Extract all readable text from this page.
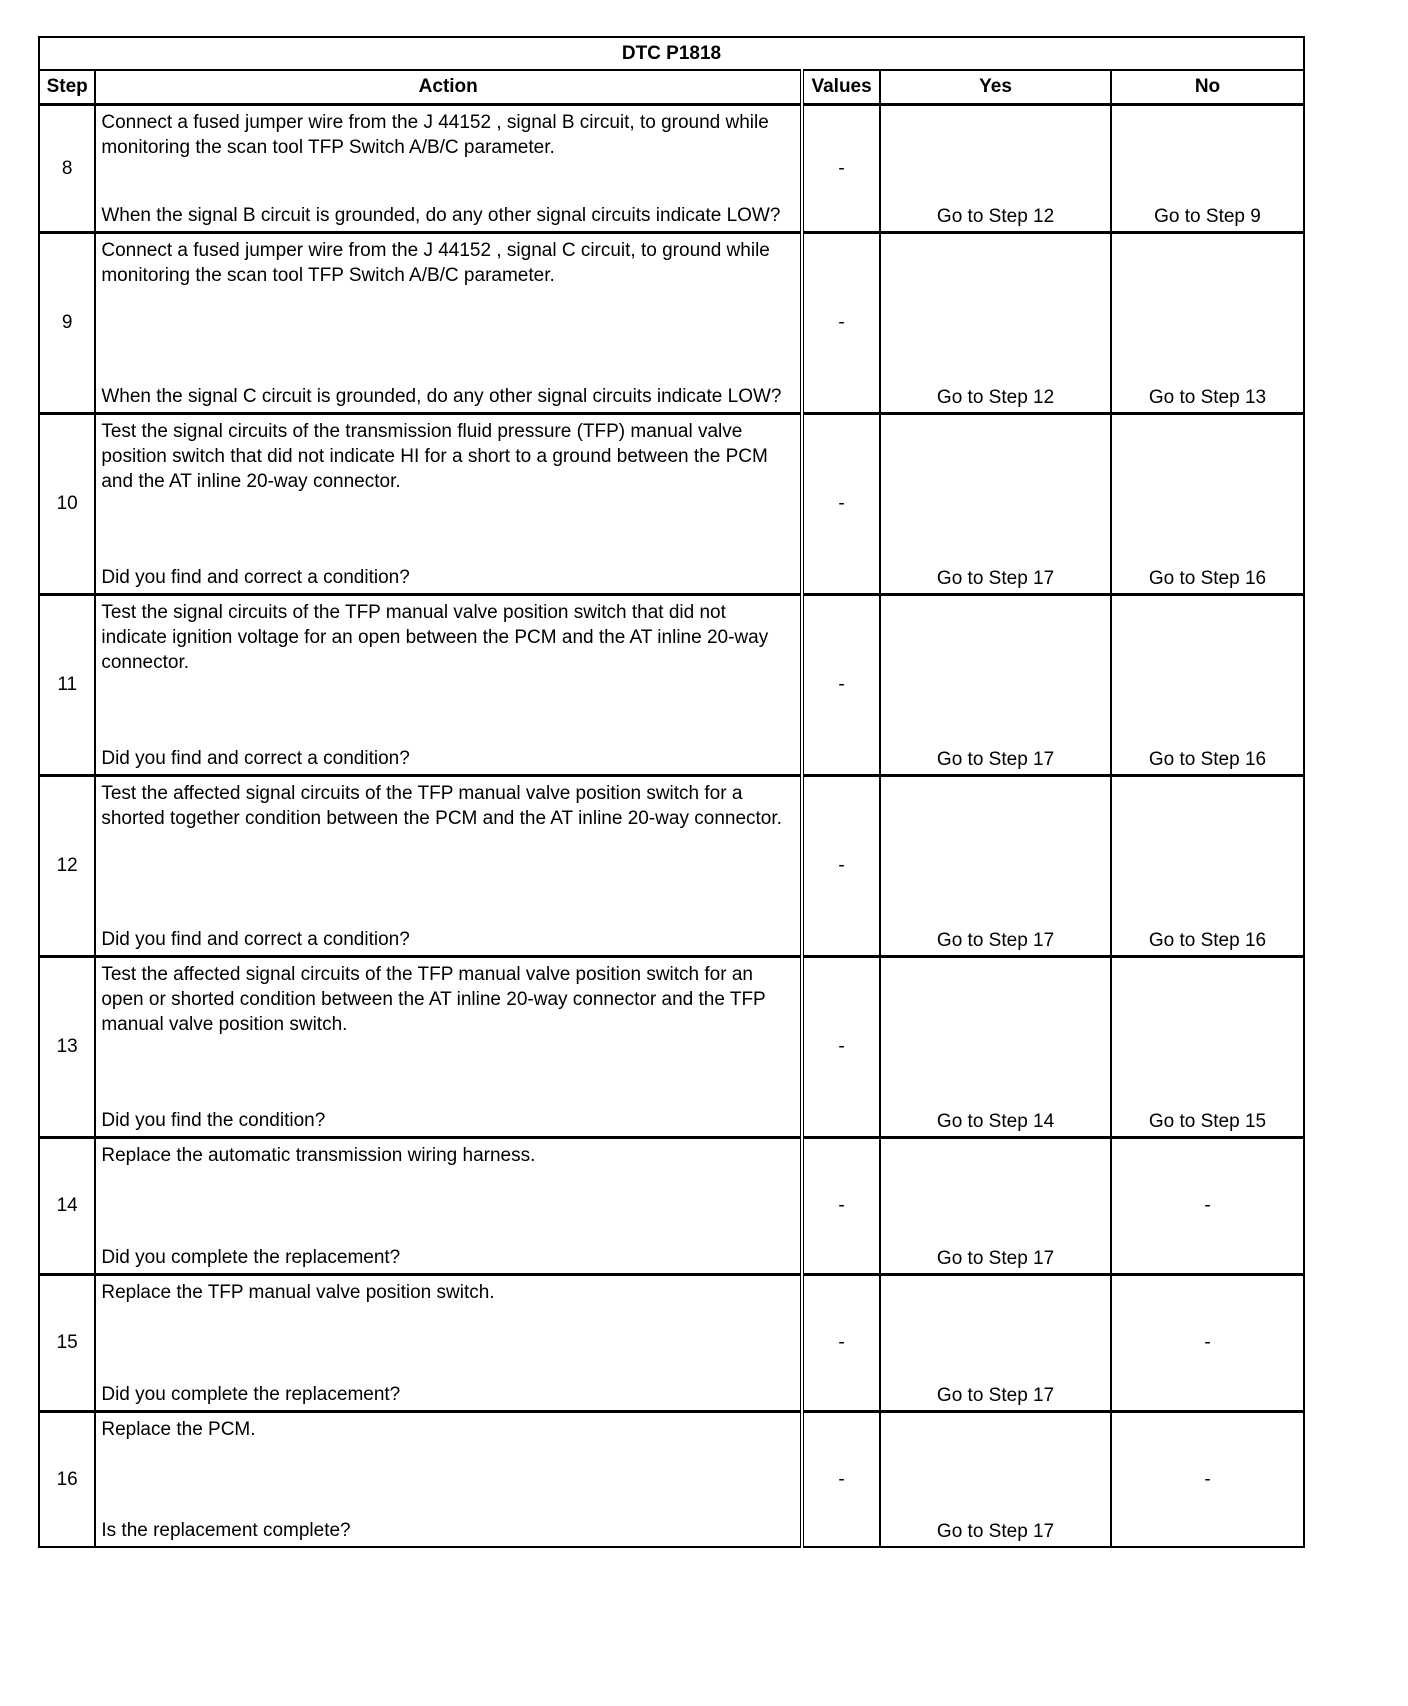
DTC P1818				
Step	Action	Values	Yes	No
8	Connect a fused jumper wire from the J 44152 , signal B circuit, to ground while monitoring the scan tool TFP Switch A/B/C parameter.

When the signal B circuit is grounded, do any other signal circuits indicate LOW?	-	Go to Step 12	Go to Step 9
9	Connect a fused jumper wire from the J 44152 , signal C circuit, to ground while monitoring the scan tool TFP Switch A/B/C parameter.

When the signal C circuit is grounded, do any other signal circuits indicate LOW?	-	Go to Step 12	Go to Step 13
10	Test the signal circuits of the transmission fluid pressure (TFP) manual valve position switch that did not indicate HI for a short to a ground between the PCM and the AT inline 20-way connector.

Did you find and correct a condition?	-	Go to Step 17	Go to Step 16
11	Test the signal circuits of the TFP manual valve position switch that did not indicate ignition voltage for an open between the PCM and the AT inline 20-way connector.

Did you find and correct a condition?	-	Go to Step 17	Go to Step 16
12	Test the affected signal circuits of the TFP manual valve position switch for a shorted together condition between the PCM and the AT inline 20-way connector.

Did you find and correct a condition?	-	Go to Step 17	Go to Step 16
13	Test the affected signal circuits of the TFP manual valve position switch for an open or shorted condition between the AT inline 20-way connector and the TFP manual valve position switch.

Did you find the condition?	-	Go to Step 14	Go to Step 15
14	Replace the automatic transmission wiring harness.

Did you complete the replacement?	-	Go to Step 17	-
15	Replace the TFP manual valve position switch.

Did you complete the replacement?	-	Go to Step 17	-
16	Replace the PCM.

Is the replacement complete?	-	Go to Step 17	-
